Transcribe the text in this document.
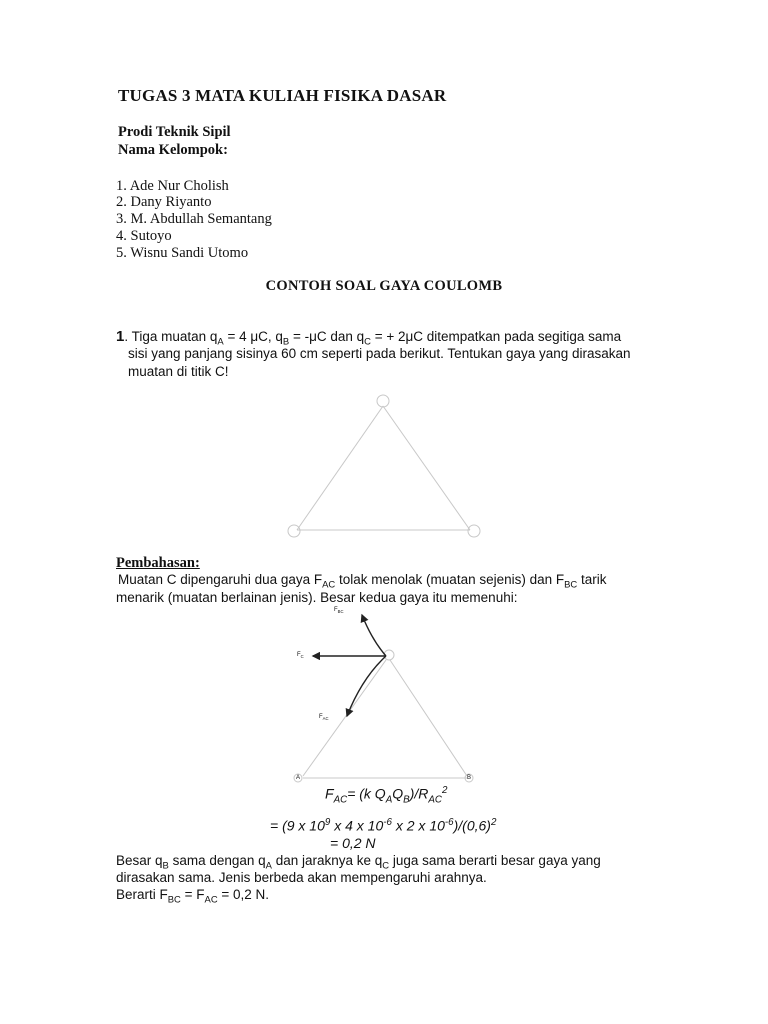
TUGAS 3 MATA KULIAH FISIKA DASAR
Prodi Teknik Sipil
Nama Kelompok:
1. Ade Nur Cholish
2. Dany Riyanto
3. M. Abdullah Semantang
4. Sutoyo
5. Wisnu Sandi Utomo
CONTOH SOAL GAYA COULOMB
1. Tiga muatan $q_A = 4$ μC, $q_B = -\mu C$ dan $q_C$ = + 2μC ditempatkan pada segitiga sama
sisi yang panjang sisinya 60 cm seperti pada berikut. Tentukan gaya yang dirasakan
muatan di titik C!
Pembahasan:
Muatan C dipengaruhi dua gaya $F_{AC}$ tolak menolak (muatan sejenis) dan $F_{BC}$ tarik
menarik (muatan berlainan jenis). Besar kedua gaya itu memenuhi:
$F_{BC}$
$F_C$
$F_{AC}$
A	B
$F_{AC}= (k$ $Q_AQ_B)/R_{AC}^2$
= (9 x $10^9$ x 4 x $10^{-6}$ x 2 x $10^{-6})/(0,6)^2$
= 0,2 N
Besar $q_B$ sama dengan $q_A$ dan jaraknya ke $q_C$ juga sama berarti besar gaya yang
dirasakan sama. Jenis berbeda akan mempengaruhi arahnya.
Berarti $F_{BC} = F_{AC} = 0,2$ N.
